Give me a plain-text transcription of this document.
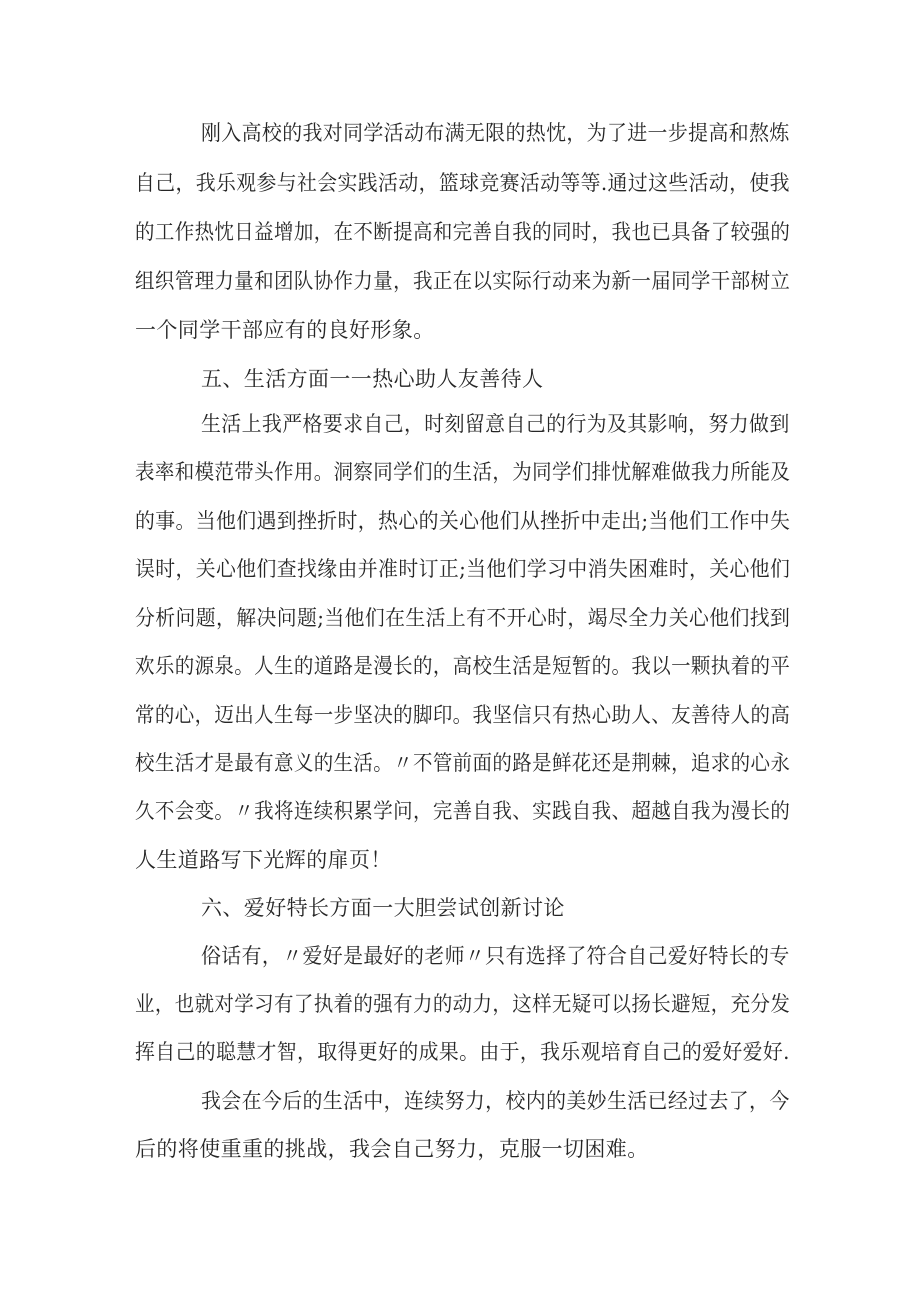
刚入高校的我对同学活动布满无限的热忱，为了进一步提高和熬炼

自己，我乐观参与社会实践活动，篮球竞赛活动等等.通过这些活动，使我

的工作热忱日益增加，在不断提高和完善自我的同时，我也已具备了较强的

组织管理力量和团队协作力量，我正在以实际行动来为新一届同学干部树立

一个同学干部应有的良好形象。

五、生活方面一一热心助人友善待人

生活上我严格要求自己，时刻留意自己的行为及其影响，努力做到

表率和模范带头作用。洞察同学们的生活，为同学们排忧解难做我力所能及

的事。当他们遇到挫折时，热心的关心他们从挫折中走出;当他们工作中失

误时，关心他们查找缘由并准时订正;当他们学习中消失困难时，关心他们

分析问题，解决问题;当他们在生活上有不开心时，竭尽全力关心他们找到

欢乐的源泉。人生的道路是漫长的，高校生活是短暂的。我以一颗执着的平

常的心，迈出人生每一步坚决的脚印。我坚信只有热心助人、友善待人的高

校生活才是最有意义的生活。〃不管前面的路是鲜花还是荆棘，追求的心永

久不会变。〃我将连续积累学问，完善自我、实践自我、超越自我为漫长的

人生道路写下光辉的扉页！

六、爱好特长方面一大胆尝试创新讨论

俗话有，〃爱好是最好的老师〃只有选择了符合自己爱好特长的专

业，也就对学习有了执着的强有力的动力，这样无疑可以扬长避短，充分发

挥自己的聪慧才智，取得更好的成果。由于，我乐观培育自己的爱好爱好.

我会在今后的生活中，连续努力，校内的美妙生活已经过去了，今

后的将使重重的挑战，我会自己努力，克服一切困难。
